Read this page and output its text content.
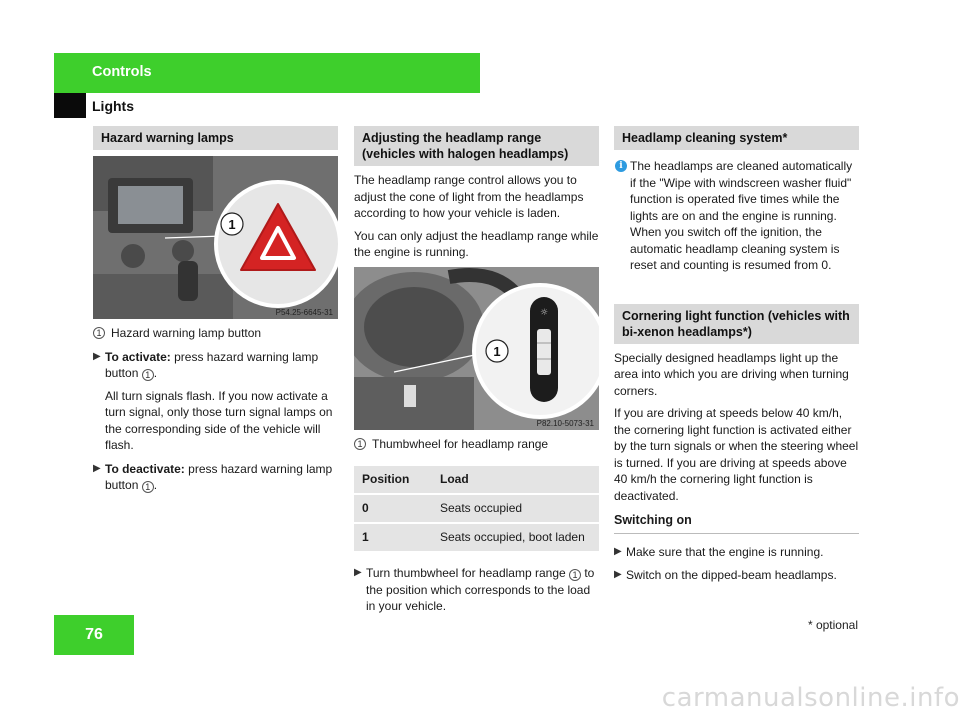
Controls
Lights
Hazard warning lamps
1
P54.25-6645-31
1 Hazard warning lamp button
▶ To activate: press hazard warning lamp button 1 .

All turn signals flash. If you now activate a turn signal, only those turn signal lamps on the corresponding side of the vehicle will flash.

▶ To deactivate: press hazard warning lamp button 1 .
Adjusting the headlamp range (vehicles with halogen headlamps)

The headlamp range control allows you to adjust the cone of light from the headlamps according to how your vehicle is laden.

You can only adjust the headlamp range while the engine is running.

☼
1
P82.10-5073-31
1 Thumbwheel for headlamp range
Position	Load
0	Seats occupied
1	Seats occupied, boot laden
▶ Turn thumbwheel for headlamp range 1 to the position which corresponds to the load in your vehicle.
Headlamp cleaning system*
i The headlamps are cleaned automatically if the "Wipe with windscreen washer fluid" function is operated five times while the lights are on and the engine is running. When you switch off the ignition, the automatic headlamp cleaning system is reset and counting is resumed from 0.
Cornering light function (vehicles with bi-xenon headlamps*)

Specially designed headlamps light up the area into which you are driving when turning corners.

If you are driving at speeds below 40 km/h, the cornering light function is activated either by the turn signals or when the steering wheel is turned. If you are driving at speeds above 40 km/h the cornering light function is deactivated.

Switching on
▶ Make sure that the engine is running.
▶ Switch on the dipped-beam headlamps.
76
* optional
carmanualsonline.info
